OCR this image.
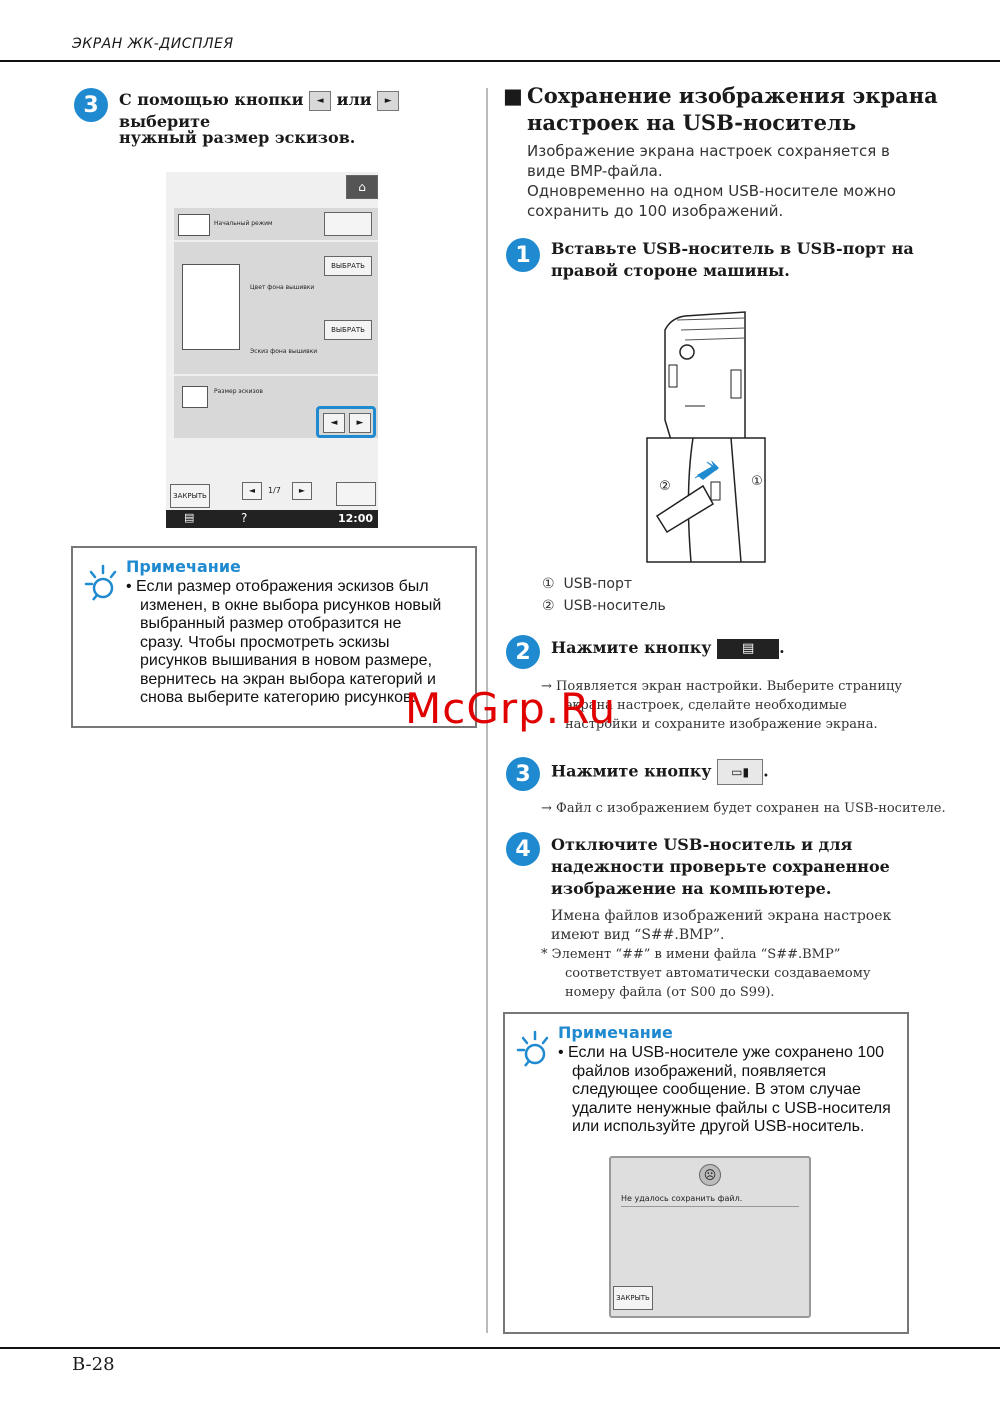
ЭКРАН ЖК-ДИСПЛЕЯ
3	С помощью кнопки ◄ или ► выберите
нужный размер эскизов.
⌂
Начальный режим
ВЫБРАТЬ
Цвет фона вышивки
ВЫБРАТЬ
Эскиз фона вышивки
Размер эскизов
◄	►
ЗАКРЫТЬ
◄	1/7	►
▤	?	12:00
Примечание
• Если размер отображения эскизов был
изменен, в окне выбора рисунков новый
выбранный размер отобразится не
сразу. Чтобы просмотреть эскизы
рисунков вышивания в новом размере,
вернитесь на экран выбора категорий и
снова выберите категорию рисунков.
■ Сохранение изображения экрана
настроек на USB-носитель
Изображение экрана настроек сохраняется в
виде BMP-файла.
Одновременно на одном USB-носителе можно
сохранить до 100 изображений.
1	Вставьте USB-носитель в USB-порт на
правой стороне машины.
①
②
① USB-порт
② USB-носитель
2	Нажмите кнопку ▤ .
→ Появляется экран настройки. Выберите страницу
экрана настроек, сделайте необходимые
настройки и сохраните изображение экрана.
3	Нажмите кнопку ▭▮ .
→ Файл с изображением будет сохранен на USB-носителе.
4	Отключите USB-носитель и для
надежности проверьте сохраненное
изображение на компьютере.
Имена файлов изображений экрана настроек
имеют вид “S##.BMP”.
* Элемент “##” в имени файла “S##.BMP”
соответствует автоматически создаваемому
номеру файла (от S00 до S99).
Примечание
• Если на USB-носителе уже сохранено 100
файлов изображений, появляется
следующее сообщение. В этом случае
удалите ненужные файлы с USB-носителя
или используйте другой USB-носитель.
☹
Не удалось сохранить файл.
ЗАКРЫТЬ
B-28
McGrp.Ru
